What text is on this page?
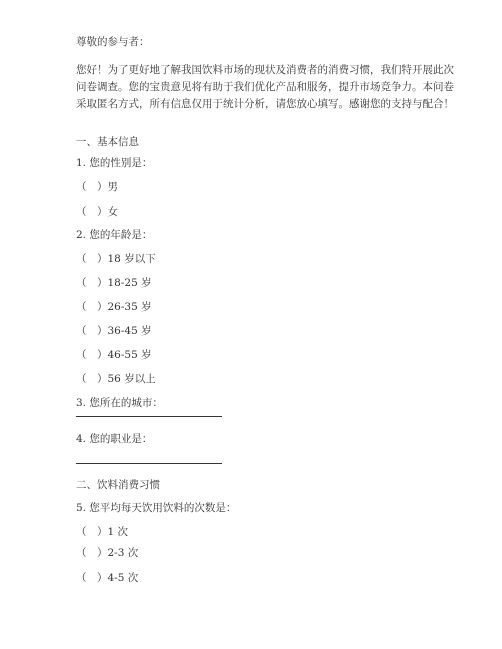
尊敬的参与者：

您好！为了更好地了解我国饮料市场的现状及消费者的消费习惯，我们特开展此次
问卷调查。您的宝贵意见将有助于我们优化产品和服务，提升市场竞争力。本问卷
采取匿名方式，所有信息仅用于统计分析，请您放心填写。感谢您的支持与配合！

一、基本信息

1. 您的性别是：

（　）男

（　）女

2. 您的年龄是：

（　）18 岁以下

（　）18-25 岁

（　）26-35 岁

（　）36-45 岁

（　）46-55 岁

（　）56 岁以上

3. 您所在的城市：

4. 您的职业是：

二、饮料消费习惯

5. 您平均每天饮用饮料的次数是：

（　）1 次

（　）2-3 次

（　）4-5 次
